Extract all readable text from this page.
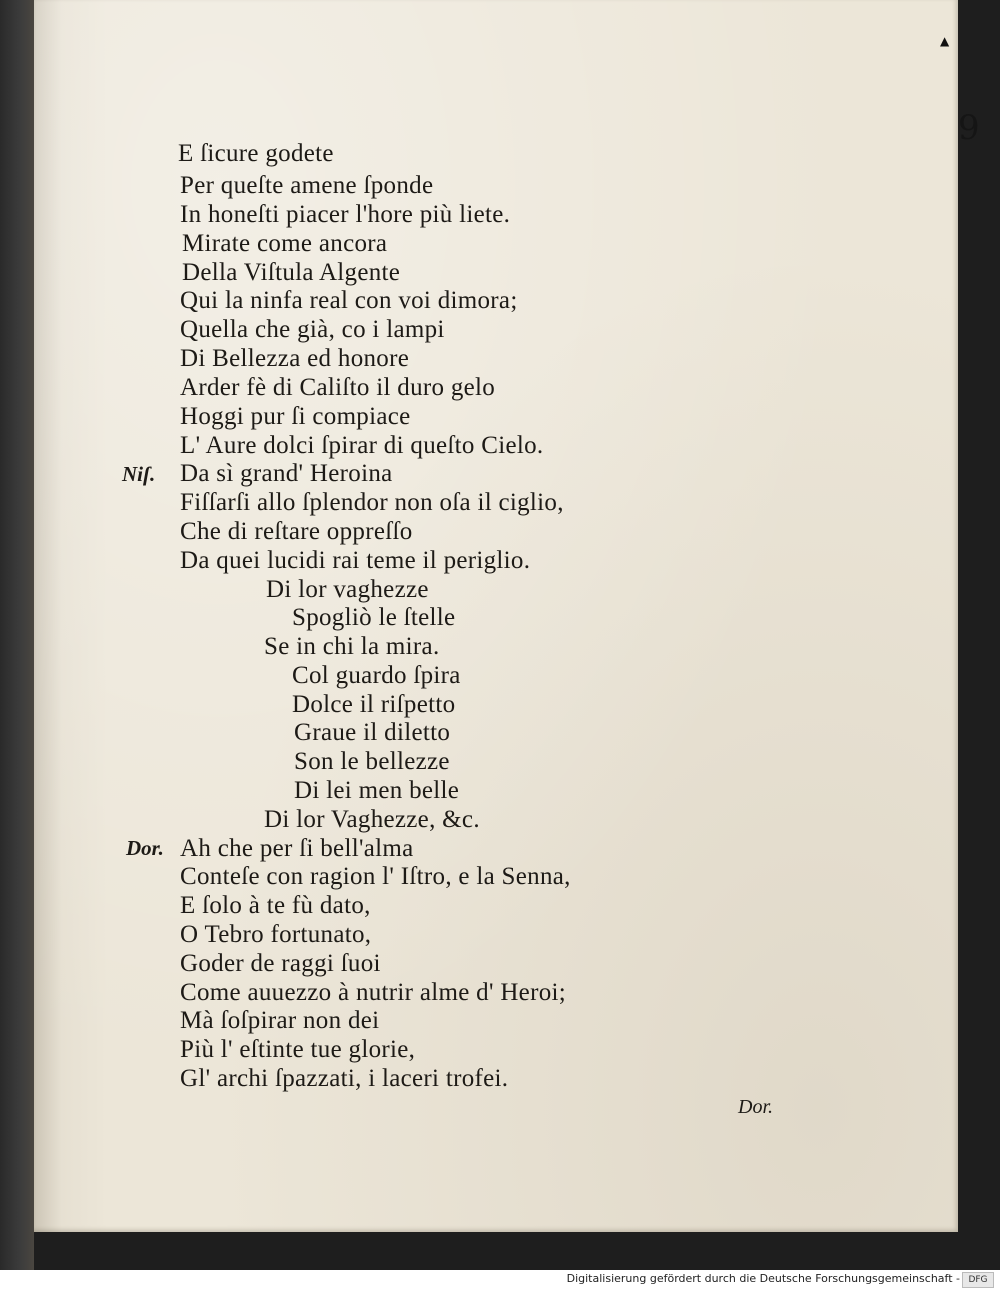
▲
9
Niſ.
Dor.
E ſicure godete
Per queſte amene ſponde
In honeſti piacer l'hore più liete.
Mirate come ancora
Della Viſtula Algente
Qui la ninfa real con voi dimora;
Quella che già, co i lampi
Di Bellezza ed honore
Arder fè di Caliſto il duro gelo
Hoggi pur ſi compiace
L' Aure dolci ſpirar di queſto Cielo.
Da sì grand' Heroina
Fiſſarſi allo ſplendor non oſa il ciglio,
Che di reſtare oppreſſo
Da quei lucidi rai teme il periglio.
Di lor vaghezze
Spogliò le ſtelle
Se in chi la mira.
Col guardo ſpira
Dolce il riſpetto
Graue il diletto
Son le bellezze
Di lei men belle
Di lor Vaghezze, &c.
Ah che per ſi bell'alma
Conteſe con ragion l' Iſtro, e la Senna,
E ſolo à te fù dato,
O Tebro fortunato,
Goder de raggi ſuoi
Come auuezzo à nutrir alme d' Heroi;
Mà ſoſpirar non dei
Più l' eſtinte tue glorie,
Gl' archi ſpazzati, i laceri trofei.
Dor.
Digitalisierung gefördert durch die Deutsche Forschungsgemeinschaft - DFG
